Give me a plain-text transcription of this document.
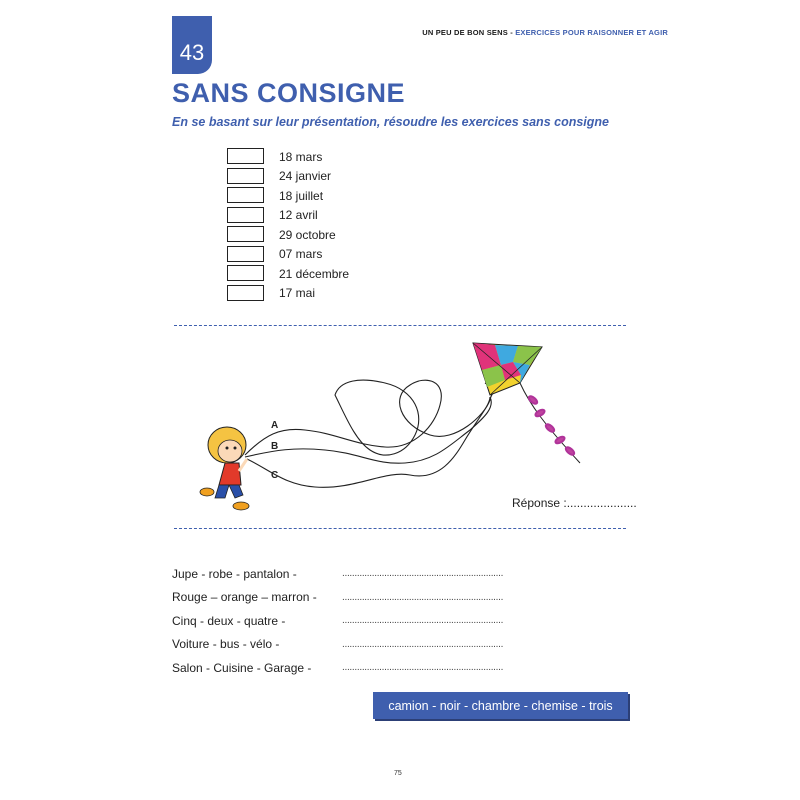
43
UN PEU DE BON SENS - EXERCICES POUR RAISONNER ET AGIR
SANS CONSIGNE
En se basant sur leur présentation, résoudre les exercices sans consigne
18 mars
24 janvier
18 juillet
12 avril
29 octobre
07 mars
21 décembre
17 mai
A
B
C
Réponse :.....................
Jupe - robe - pantalon -	.................................................................
Rouge – orange – marron -	.................................................................
Cinq - deux - quatre -	.................................................................
Voiture - bus - vélo -	.................................................................
Salon - Cuisine - Garage -	.................................................................
camion - noir - chambre - chemise - trois
75
